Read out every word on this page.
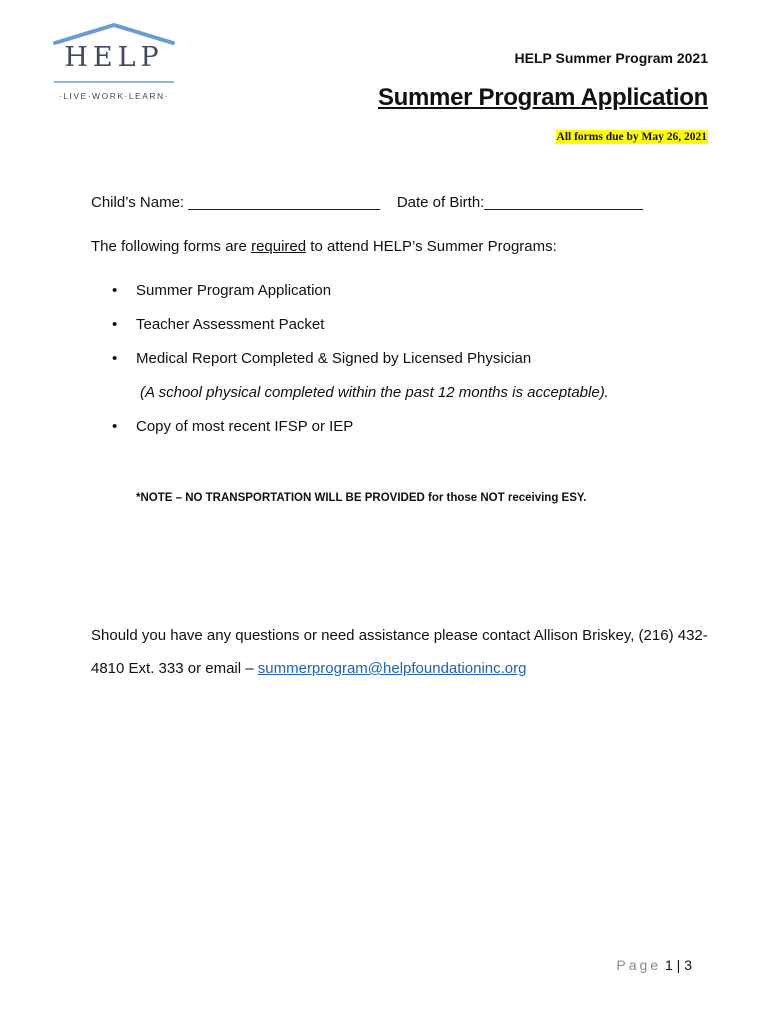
HELP
·LIVE·WORK·LEARN·
HELP Summer Program 2021
Summer Program Application
All forms due by May 26, 2021
Child’s Name: _______________________ Date of Birth:___________________
The following forms are required to attend HELP’s Summer Programs:
• Summer Program Application
• Teacher Assessment Packet
• Medical Report Completed & Signed by Licensed Physician
(A school physical completed within the past 12 months is acceptable).
• Copy of most recent IFSP or IEP
*NOTE – NO TRANSPORTATION WILL BE PROVIDED for those NOT receiving ESY.
Should you have any questions or need assistance please contact Allison Briskey, (216) 432-4810 Ext. 333 or email – summerprogram@helpfoundationinc.org
Page 1 | 3
